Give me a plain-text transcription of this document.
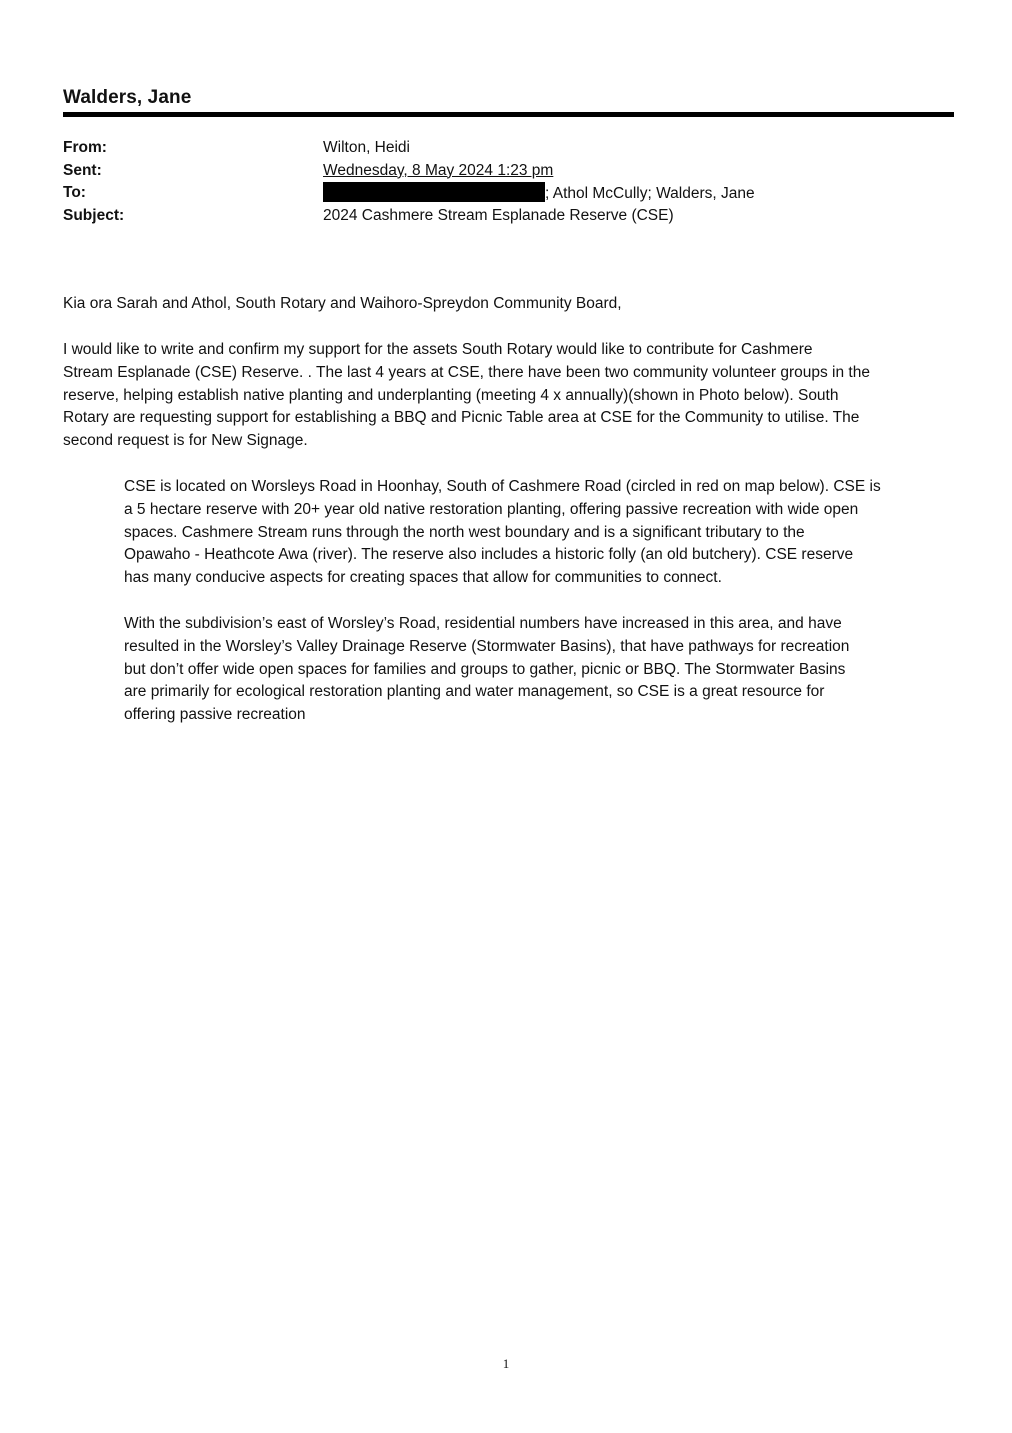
Walders, Jane
From:	Wilton, Heidi
Sent:	Wednesday, 8 May 2024 1:23 pm
To:	; Athol McCully; Walders, Jane
Subject:	2024 Cashmere Stream Esplanade Reserve (CSE)
Kia ora Sarah and Athol, South Rotary and Waihoro-Spreydon Community Board,
I would like to write and confirm my support for the assets South Rotary would like to contribute for Cashmere
Stream Esplanade (CSE) Reserve. . The last 4 years at CSE, there have been two community volunteer groups in the
reserve, helping establish native planting and underplanting (meeting 4 x annually)(shown in Photo below). South
Rotary are requesting support for establishing a BBQ and Picnic Table area at CSE for the Community to utilise. The
second request is for New Signage.
CSE is located on Worsleys Road in Hoonhay, South of Cashmere Road (circled in red on map below). CSE is
a 5 hectare reserve with 20+ year old native restoration planting, offering passive recreation with wide open
spaces. Cashmere Stream runs through the north west boundary and is a significant tributary to the
Opawaho - Heathcote Awa (river). The reserve also includes a historic folly (an old butchery). CSE reserve
has many conducive aspects for creating spaces that allow for communities to connect.
With the subdivision’s east of Worsley’s Road, residential numbers have increased in this area, and have
resulted in the Worsley’s Valley Drainage Reserve (Stormwater Basins), that have pathways for recreation
but don’t offer wide open spaces for families and groups to gather, picnic or BBQ. The Stormwater Basins
are primarily for ecological restoration planting and water management, so CSE is a great resource for
offering passive recreation
1
